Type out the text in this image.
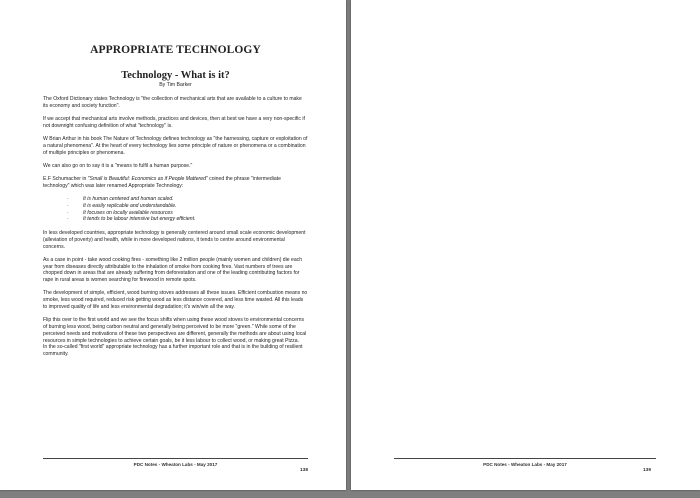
APPROPRIATE TECHNOLOGY
Technology - What is it?
By Tim Barker

The Oxford Dictionary states Technology is "the collection of mechanical arts that are available to a culture to make its economy and society function".

If we accept that mechanical arts involve methods, practices and devices, then at best we have a very non-specific if not downright confusing definition of what "technology" is.

W Brian Arthur in his book The Nature of Technology defines technology as "the harnessing, capture or exploitation of a natural phenomena". At the heart of every technology lies some principle of nature or phenomena or a combination of multiple principles or phenomena.

We can also go on to say it is a "means to fulfil a human purpose."

E.F Schumacher in "Small is Beautiful: Economics as if People Mattered" coined the phrase "intermediate technology" which was later renamed Appropriate Technology:

·	It is human centered and human scaled.
·	It is easily replicable and understandable.
·	It focuses on locally available resources
·	It tends to be labour intensive but energy efficient.

In less developed countries, appropriate technology is generally centered around small scale economic development (alleviation of poverty) and health, while in more developed nations, it tends to centre around environmental concerns.

As a case in point - take wood cooking fires - something like 2 million people (mainly women and children) die each year from diseases directly attributable to the inhalation of smoke from cooking fires. Vast numbers of trees are chopped down in areas that are already suffering from deforestation and one of the leading contributing factors for rape in rural areas is women searching for firewood in remote spots.

The development of simple, efficient, wood burning stoves addresses all these issues. Efficient combustion means no smoke, less wood required, reduced risk getting wood as less distance covered, and less time wasted. All this leads to improved quality of life and less environmental degradation; it's win/win all the way.

Flip this over to the first world and we see the focus shifts when using these wood stoves to environmental concerns of burning less wood, being carbon neutral and generally being perceived to be more "green." While some of the perceived needs and motivations of these two perspectives are different, generally the methods are about using local resources in simple technologies to achieve certain goals, be it less labour to collect wood, or making great Pizza.

In the so-called "first world" appropriate technology has a further important role and that is in the building of resilient community.

PDC Notes - Wheaton Labs - May 2017
138
PDC Notes - Wheaton Labs - May 2017
139
